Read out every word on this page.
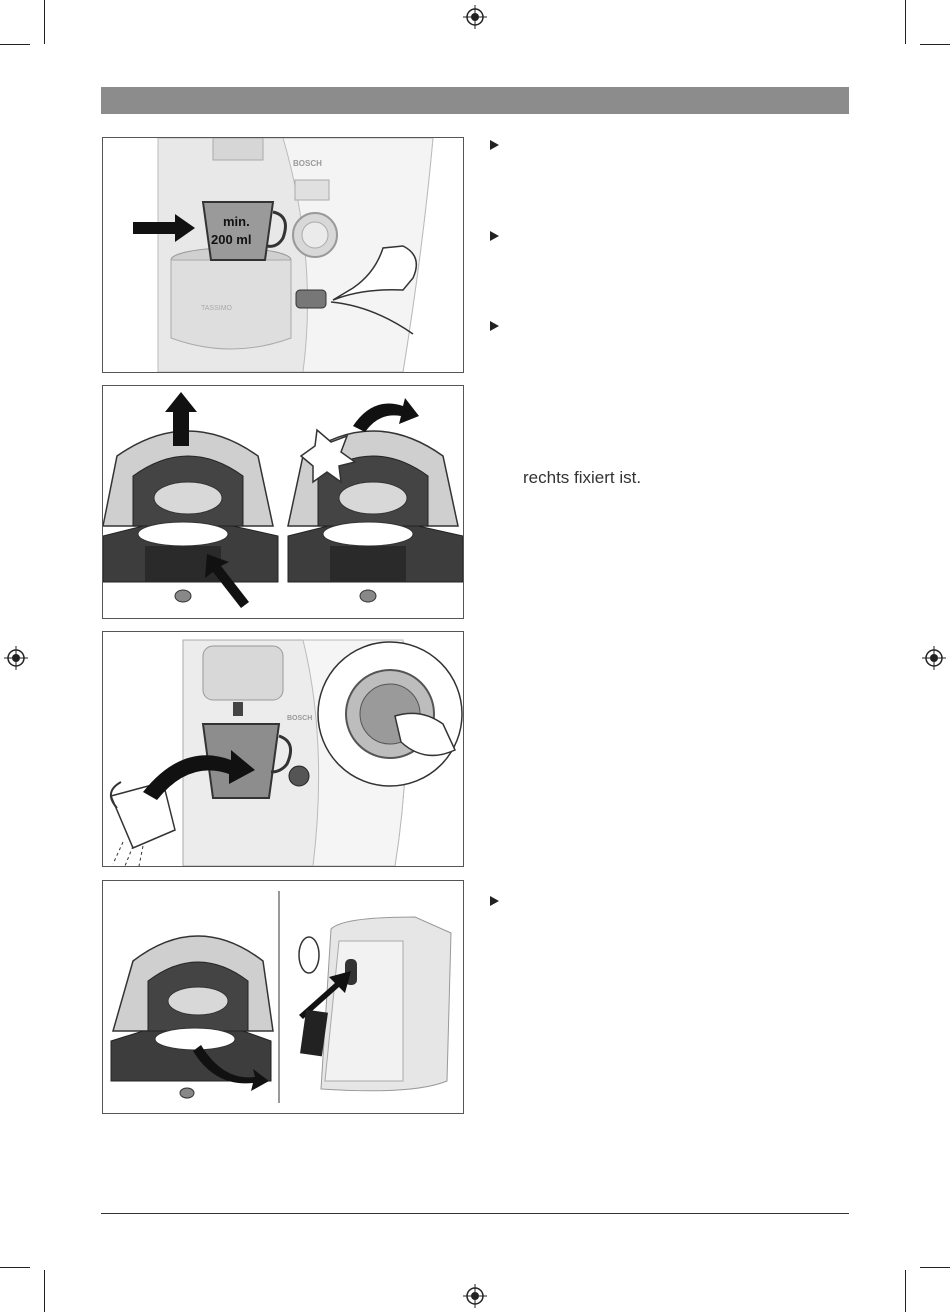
BOSCH
TASSIMO
min.
200 ml
BOSCH
rechts fixiert ist.
